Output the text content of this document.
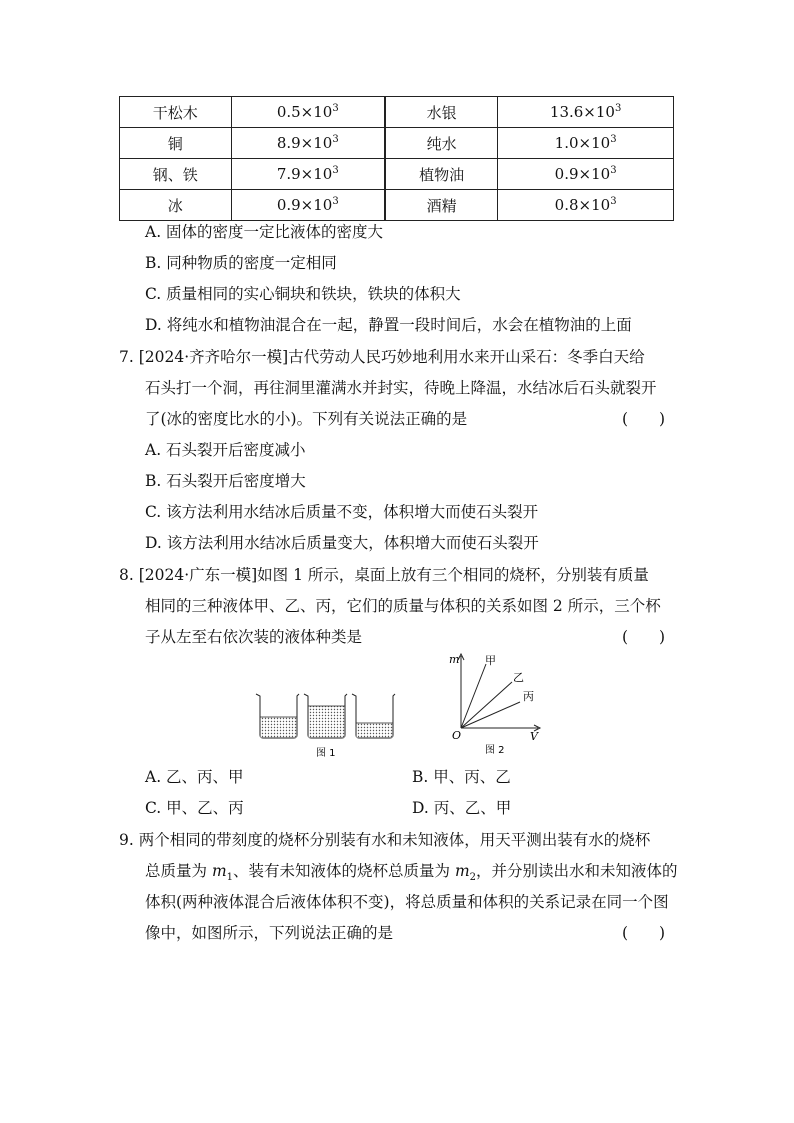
干松木	$0.5\times 10^3$	水银	$13.6\times 10^3$
铜	$8.9\times 10^3$	纯水	$1.0\times 10^3$
钢、铁	$7.9\times 10^3$	植物油	$0.9\times 10^3$
冰	$0.9\times 10^3$	酒精	$0.8\times 10^3$
A. 固体的密度一定比液体的密度大
B. 同种物质的密度一定相同
C. 质量相同的实心铜块和铁块，铁块的体积大
D. 将纯水和植物油混合在一起，静置一段时间后，水会在植物油的上面
7. [2024·齐齐哈尔一模]古代劳动人民巧妙地利用水来开山采石：冬季白天给
石头打一个洞，再往洞里灌满水并封实，待晚上降温，水结冰后石头就裂开
了(冰的密度比水的小)。下列有关说法正确的是	(　　)
A. 石头裂开后密度减小
B. 石头裂开后密度增大
C. 该方法利用水结冰后质量不变，体积增大而使石头裂开
D. 该方法利用水结冰后质量变大，体积增大而使石头裂开
8. [2024·广东一模]如图 1 所示，桌面上放有三个相同的烧杯，分别装有质量
相同的三种液体甲、乙、丙，它们的质量与体积的关系如图 2 所示，三个杯
子从左至右依次装的液体种类是	(　　)
图 1
m
V
O
甲
乙
丙
图 2
A. 乙、丙、甲	B. 甲、丙、乙
C. 甲、乙、丙	D. 丙、乙、甲
9. 两个相同的带刻度的烧杯分别装有水和未知液体，用天平测出装有水的烧杯
总质量为 $m_1$、装有未知液体的烧杯总质量为 $m_2$，并分别读出水和未知液体的
体积(两种液体混合后液体体积不变)，将总质量和体积的关系记录在同一个图
像中，如图所示，下列说法正确的是	(　　)
